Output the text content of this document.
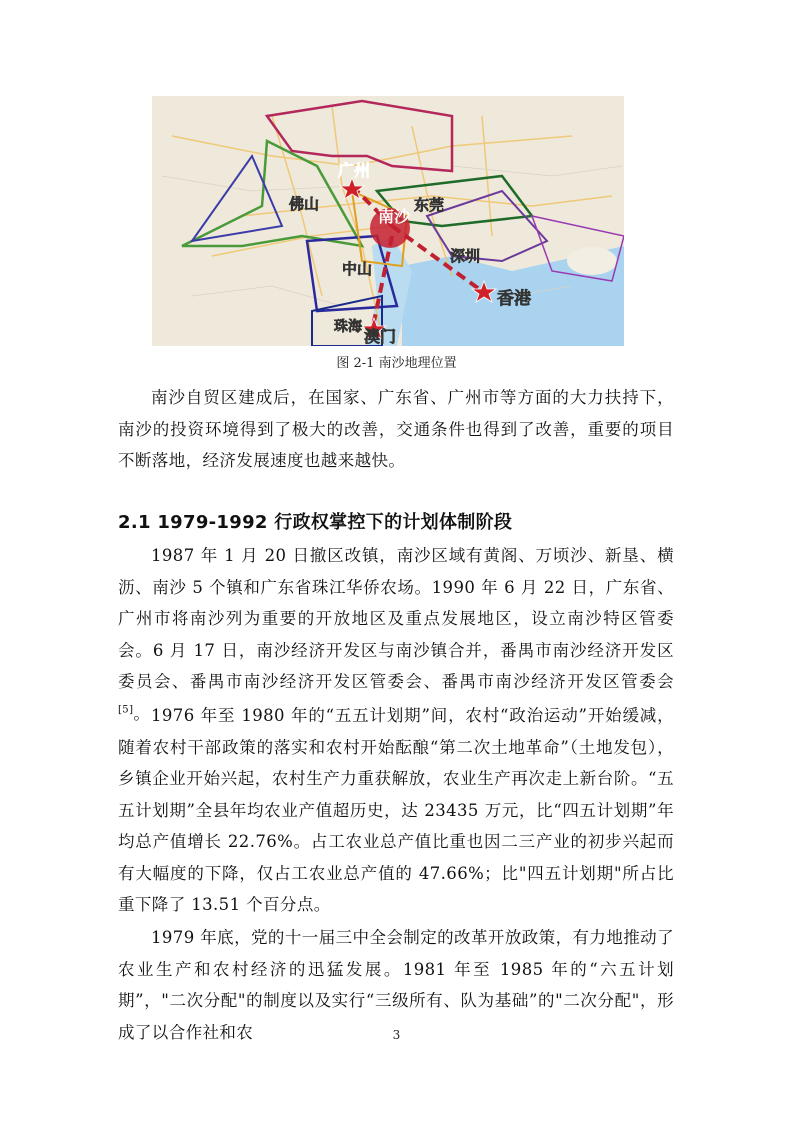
南沙
广州
佛山	东莞
深圳
中山
香港
珠海 澳门
图 2-1 南沙地理位置

南沙自贸区建成后，在国家、广东省、广州市等方面的大力扶持下，南沙的投资环境得到了极大的改善，交通条件也得到了改善，重要的项目不断落地，经济发展速度也越来越快。

2.1 1979-1992 行政权掌控下的计划体制阶段

1987 年 1 月 20 日撤区改镇，南沙区域有黄阁、万顷沙、新垦、横沥、南沙 5 个镇和广东省珠江华侨农场。1990 年 6 月 22 日，广东省、广州市将南沙列为重要的开放地区及重点发展地区，设立南沙特区管委会。6 月 17 日，南沙经济开发区与南沙镇合并，番禺市南沙经济开发区委员会、番禺市南沙经济开发区管委会、番禺市南沙经济开发区管委会[5]。 1976 年至 1980 年的“五五计划期”间，农村“政治运动”开始缓减，随着农村干部政策的落实和农村开始酝酿“第二次土地革命”（土地发包），乡镇企业开始兴起，农村生产力重获解放，农业生产再次走上新台阶。“五五计划期”全县年均农业产值超历史，达 23435 万元，比“四五计划期”年均总产值增长 22.76%。占工农业总产值比重也因二三产业的初步兴起而有大幅度的下降，仅占工农业总产值的 47.66%；比"四五计划期"所占比重下降了 13.51 个百分点。

1979 年底，党的十一届三中全会制定的改革开放政策，有力地推动了农业生产和农村经济的迅猛发展。1981 年至 1985 年的“六五计划期”，"二次分配"的制度以及实行“三级所有、队为基础”的"二次分配"，形成了以合作社和农	3
